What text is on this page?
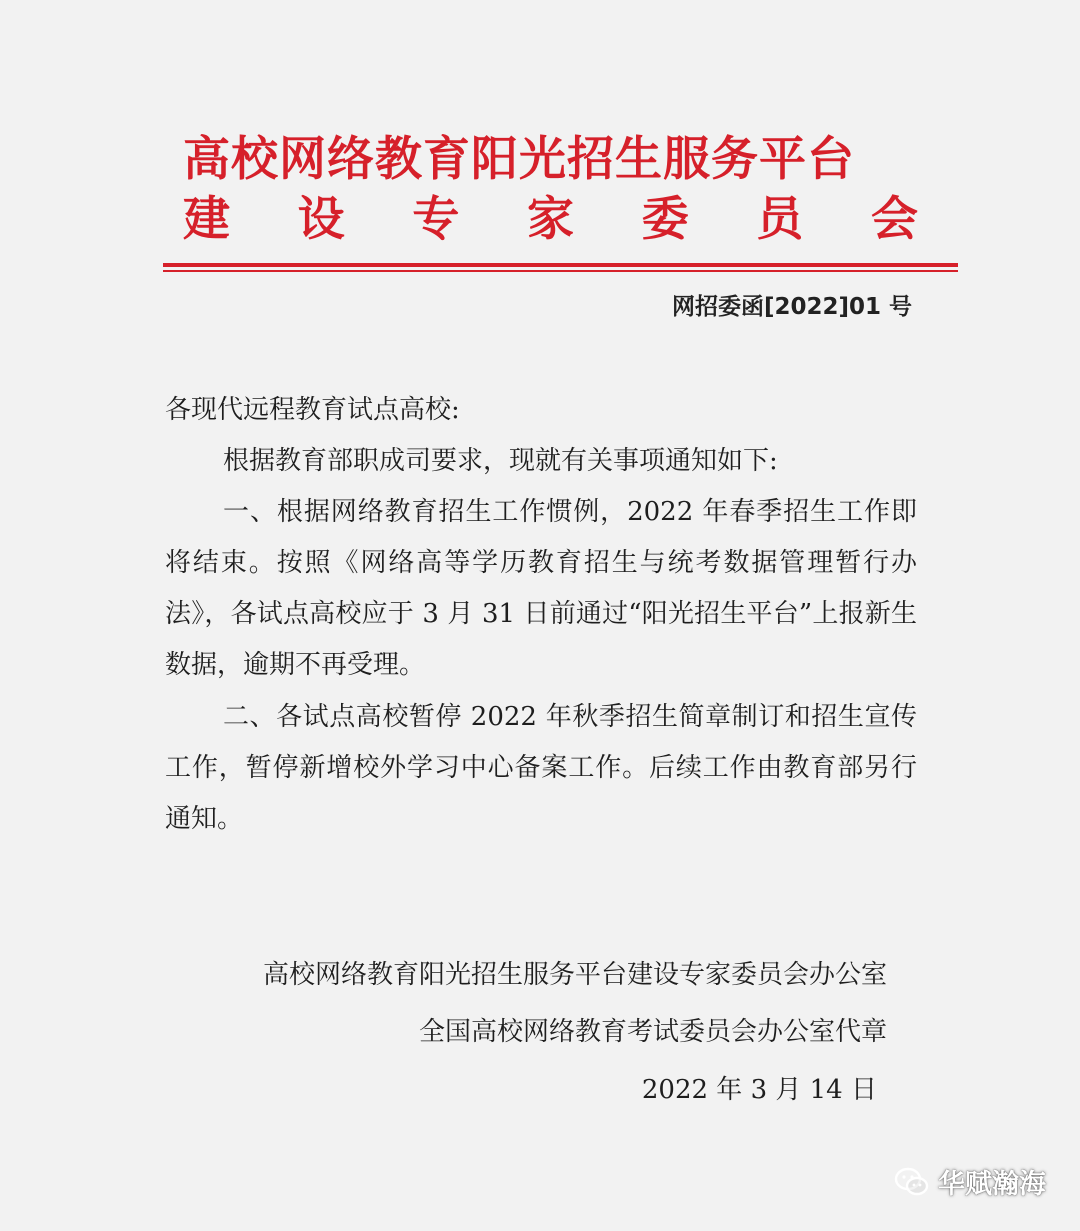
高校网络教育阳光招生服务平台
建 设 专 家 委 员 会
网招委函[2022]01 号
各现代远程教育试点高校:
根据教育部职成司要求，现就有关事项通知如下:
一、根据网络教育招生工作惯例，2022 年春季招生工作即将结束。按照《网络高等学历教育招生与统考数据管理暂行办法》，各试点高校应于 3 月 31 日前通过“阳光招生平台”上报新生数据，逾期不再受理。
二、各试点高校暂停 2022 年秋季招生简章制订和招生宣传工作，暂停新增校外学习中心备案工作。后续工作由教育部另行通知。
高校网络教育阳光招生服务平台建设专家委员会办公室
全国高校网络教育考试委员会办公室代章
2022 年 3 月 14 日
华赋瀚海
